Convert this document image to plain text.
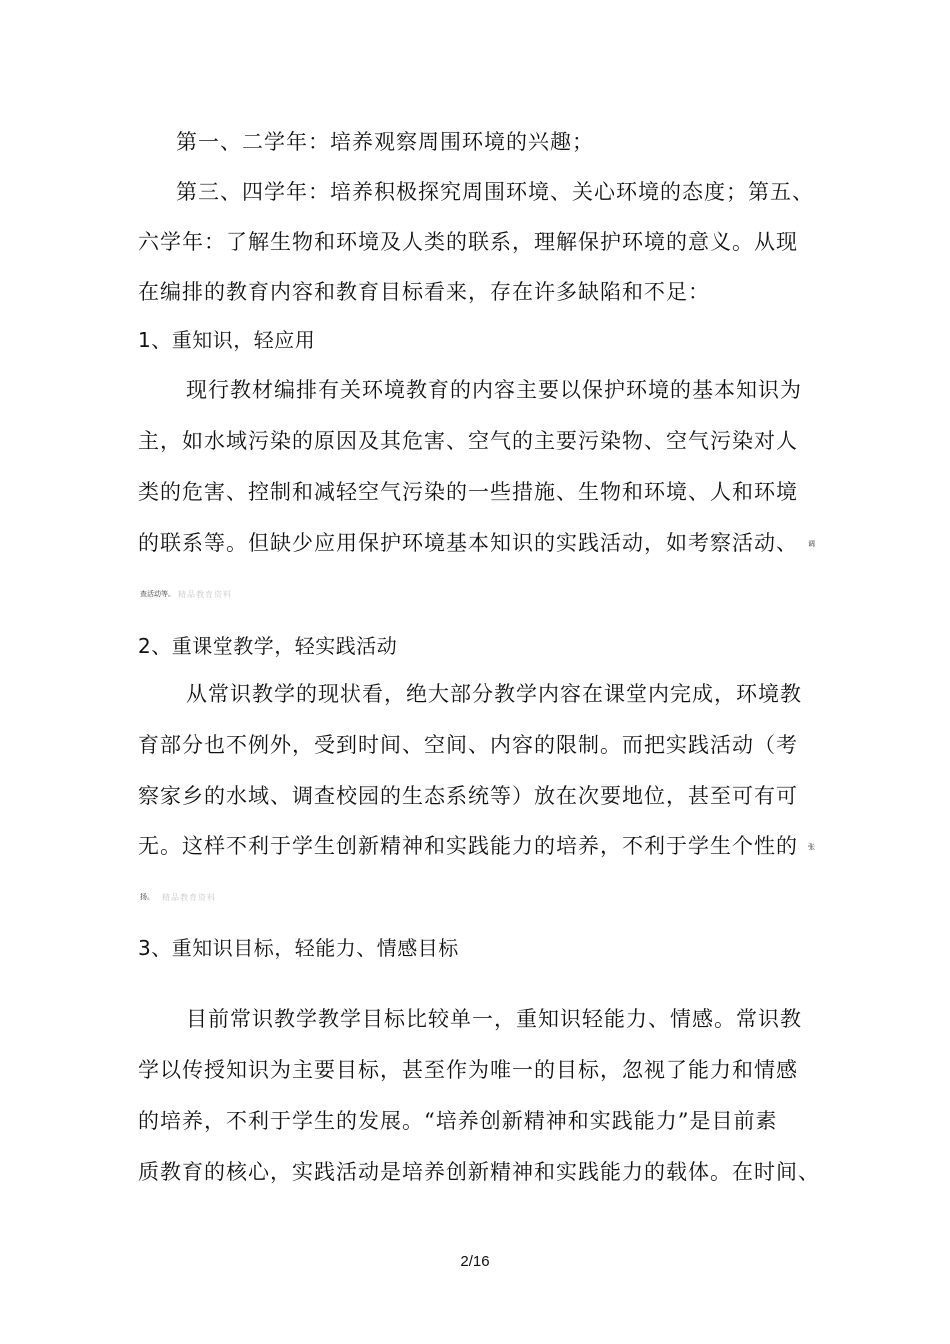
第一、二学年：培养观察周围环境的兴趣；
第三、四学年：培养积极探究周围环境、关心环境的态度；第五、
六学年：了解生物和环境及人类的联系，理解保护环境的意义。从现
在编排的教育内容和教育目标看来，存在许多缺陷和不足：
1、重知识，轻应用
现行教材编排有关环境教育的内容主要以保护环境的基本知识为
主，如水域污染的原因及其危害、空气的主要污染物、空气污染对人
类的危害、控制和减轻空气污染的一些措施、生物和环境、人和环境
的联系等。但缺少应用保护环境基本知识的实践活动，如考察活动、 调
查活动等。 精品教育资料
2、重课堂教学，轻实践活动
从常识教学的现状看，绝大部分教学内容在课堂内完成，环境教
育部分也不例外，受到时间、空间、内容的限制。而把实践活动（考
察家乡的水域、调查校园的生态系统等）放在次要地位，甚至可有可
无。这样不利于学生创新精神和实践能力的培养，不利于学生个性的 张
扬。 精品教育资料
3、重知识目标，轻能力、情感目标
目前常识教学教学目标比较单一，重知识轻能力、情感。常识教
学以传授知识为主要目标，甚至作为唯一的目标，忽视了能力和情感
的培养，不利于学生的发展。“培养创新精神和实践能力”是目前素
质教育的核心，实践活动是培养创新精神和实践能力的载体。在时间、
2/16
